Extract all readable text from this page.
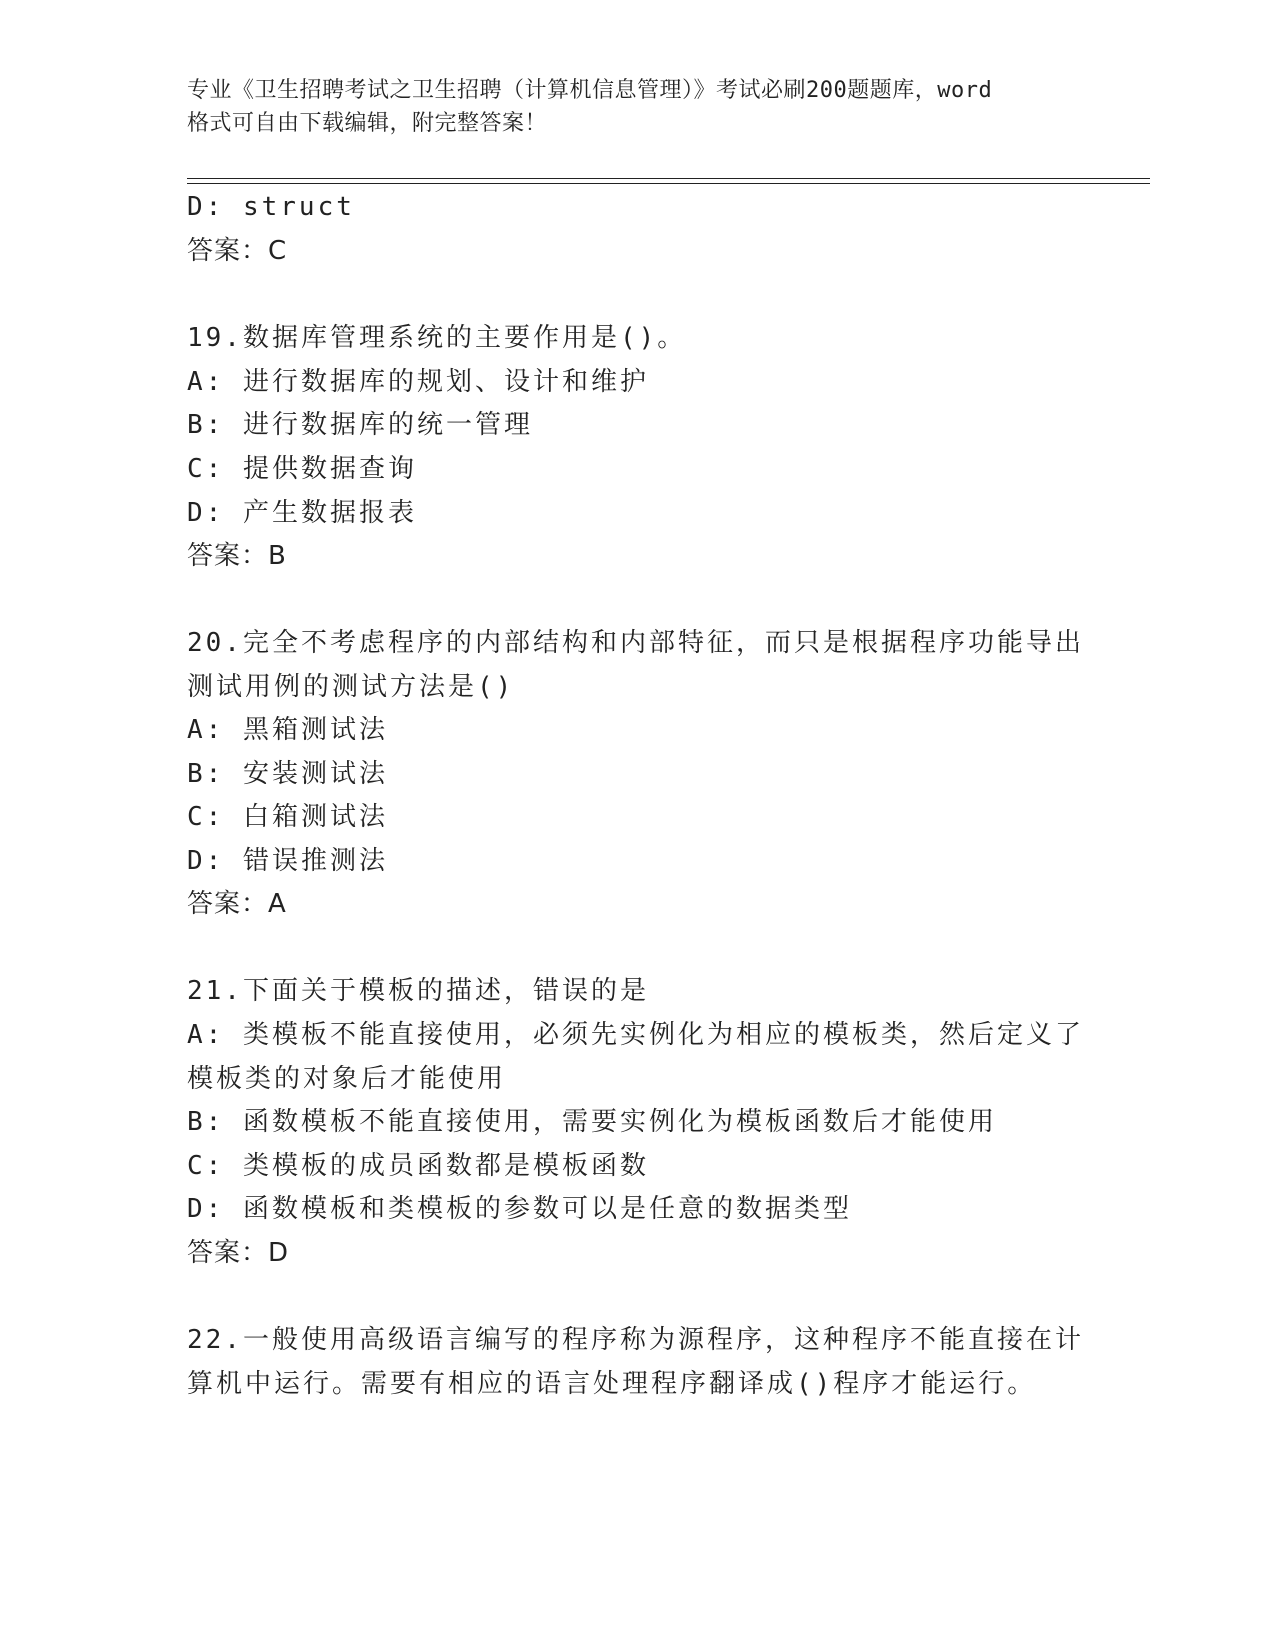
专业《卫生招聘考试之卫生招聘（计算机信息管理）》考试必刷200题题库，word
格式可自由下载编辑，附完整答案！
D: struct
答案：C
19.数据库管理系统的主要作用是()。
A: 进行数据库的规划、设计和维护
B: 进行数据库的统一管理
C: 提供数据查询
D: 产生数据报表
答案：B
20.完全不考虑程序的内部结构和内部特征，而只是根据程序功能导出
测试用例的测试方法是()
A: 黑箱测试法
B: 安装测试法
C: 白箱测试法
D: 错误推测法
答案：A
21.下面关于模板的描述，错误的是
A: 类模板不能直接使用，必须先实例化为相应的模板类，然后定义了
模板类的对象后才能使用
B: 函数模板不能直接使用，需要实例化为模板函数后才能使用
C: 类模板的成员函数都是模板函数
D: 函数模板和类模板的参数可以是任意的数据类型
答案：D
22.一般使用高级语言编写的程序称为源程序，这种程序不能直接在计
算机中运行。需要有相应的语言处理程序翻译成()程序才能运行。
